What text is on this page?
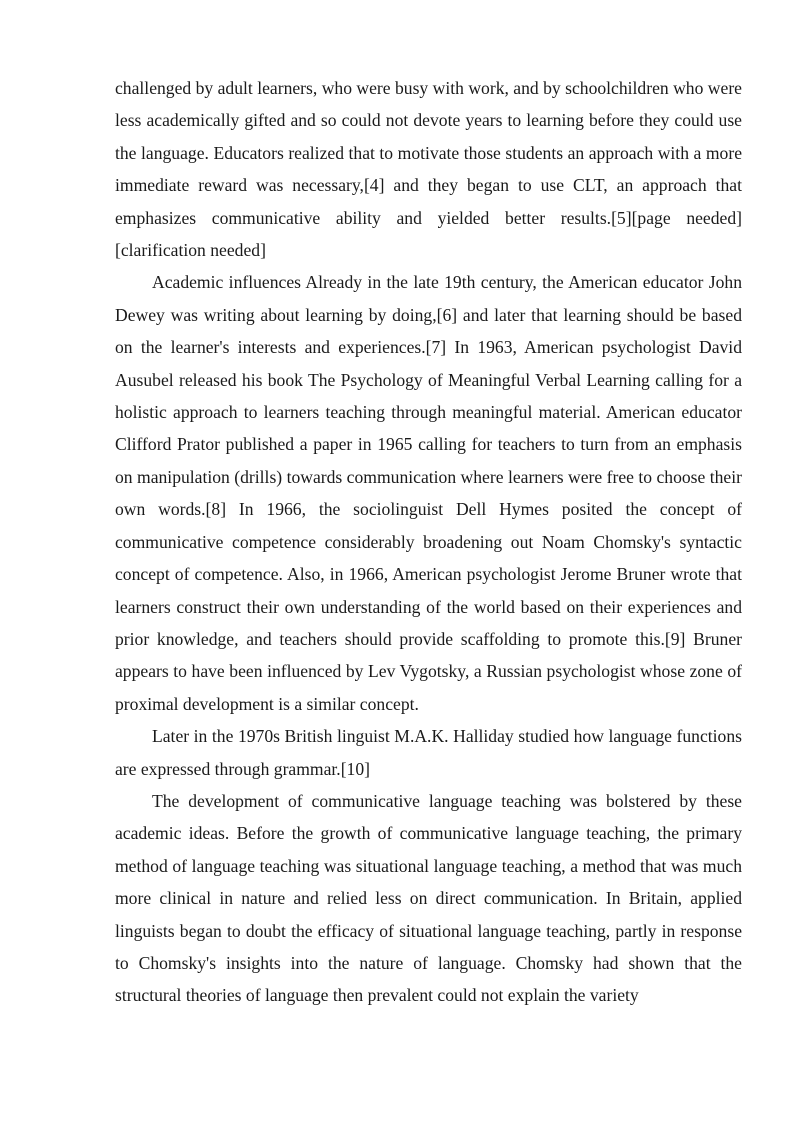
challenged by adult learners, who were busy with work, and by schoolchildren who were less academically gifted and so could not devote years to learning before they could use the language. Educators realized that to motivate those students an approach with a more immediate reward was necessary,[4] and they began to use CLT, an approach that emphasizes communicative ability and yielded better results.[5][page needed][clarification needed]

Academic influences Already in the late 19th century, the American educator John Dewey was writing about learning by doing,[6] and later that learning should be based on the learner's interests and experiences.[7] In 1963, American psychologist David Ausubel released his book The Psychology of Meaningful Verbal Learning calling for a holistic approach to learners teaching through meaningful material. American educator Clifford Prator published a paper in 1965 calling for teachers to turn from an emphasis on manipulation (drills) towards communication where learners were free to choose their own words.[8] In 1966, the sociolinguist Dell Hymes posited the concept of communicative competence considerably broadening out Noam Chomsky's syntactic concept of competence. Also, in 1966, American psychologist Jerome Bruner wrote that learners construct their own understanding of the world based on their experiences and prior knowledge, and teachers should provide scaffolding to promote this.[9] Bruner appears to have been influenced by Lev Vygotsky, a Russian psychologist whose zone of proximal development is a similar concept.

Later in the 1970s British linguist M.A.K. Halliday studied how language functions are expressed through grammar.[10]

The development of communicative language teaching was bolstered by these academic ideas. Before the growth of communicative language teaching, the primary method of language teaching was situational language teaching, a method that was much more clinical in nature and relied less on direct communication. In Britain, applied linguists began to doubt the efficacy of situational language teaching, partly in response to Chomsky's insights into the nature of language. Chomsky had shown that the structural theories of language then prevalent could not explain the variety
